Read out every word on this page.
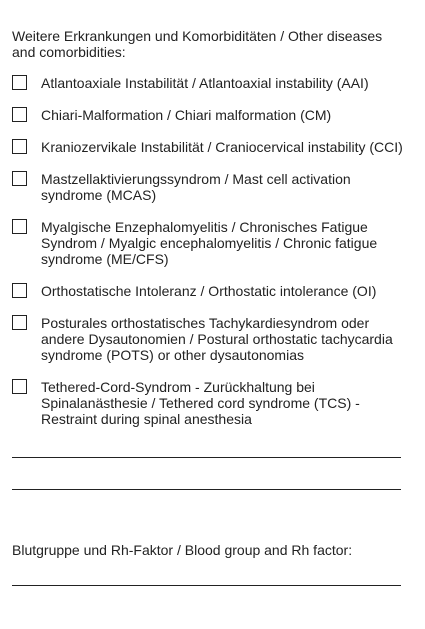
Weitere Erkrankungen und Komorbiditäten / Other diseases and comorbidities:
Atlantoaxiale Instabilität / Atlantoaxial instability (AAI)
Chiari-Malformation / Chiari malformation (CM)
Kraniozervikale Instabilität / Craniocervical instability (CCI)
Mastzellaktivierungssyndrom / Mast cell activation syndrome (MCAS)
Myalgische Enzephalomyelitis / Chronisches Fatigue Syndrom / Myalgic encephalomyelitis / Chronic fatigue syndrome (ME/CFS)
Orthostatische Intoleranz / Orthostatic intolerance (OI)
Posturales orthostatisches Tachykardiesyndrom oder andere Dysautonomien / Postural orthostatic tachycardia syndrome (POTS) or other dysautonomias
Tethered-Cord-Syndrom - Zurückhaltung bei Spinalanästhesie / Tethered cord syndrome (TCS) - Restraint during spinal anesthesia
Blutgruppe und Rh-Faktor / Blood group and Rh factor:
